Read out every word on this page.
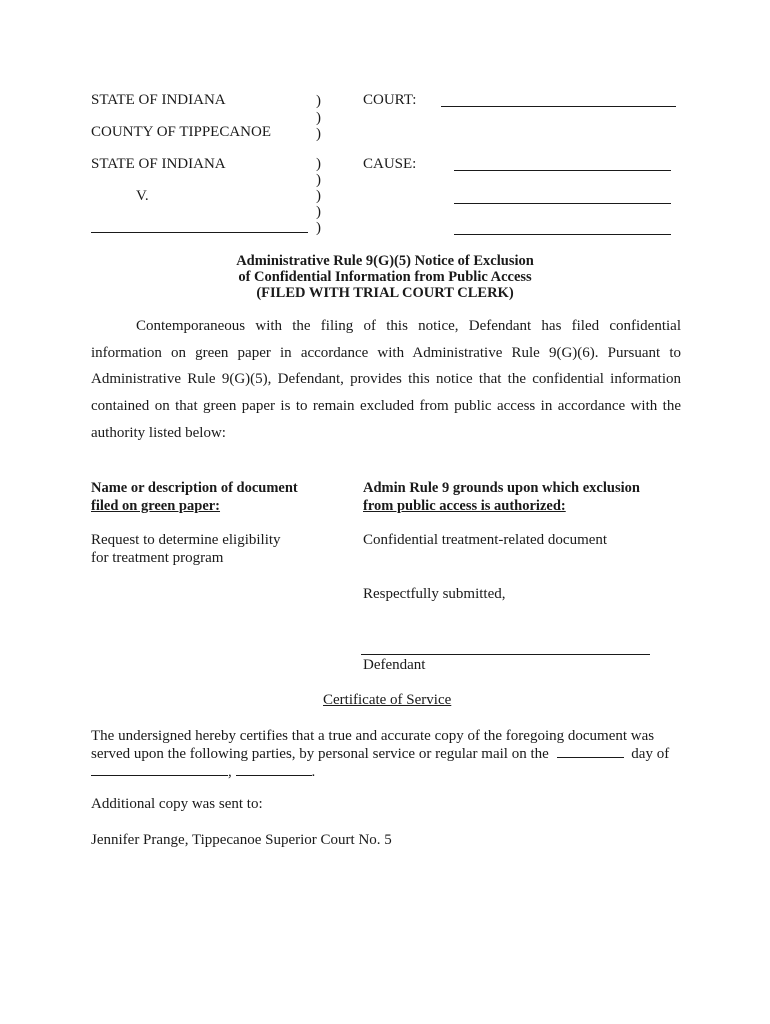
STATE OF INDIANA
COUNTY OF TIPPECANOE
STATE OF INDIANA
V.
)
)
)
)
)
)
)
)
COURT:
CAUSE:
Administrative Rule 9(G)(5) Notice of Exclusion
of Confidential Information from Public Access
(FILED WITH TRIAL COURT CLERK)
Contemporaneous with the filing of this notice, Defendant has filed confidential information on green paper in accordance with Administrative Rule 9(G)(6). Pursuant to Administrative Rule 9(G)(5), Defendant, provides this notice that the confidential information contained on that green paper is to remain excluded from public access in accordance with the authority listed below:
Name or description of document
filed on green paper:
Admin Rule 9 grounds upon which exclusion
from public access is authorized:
Request to determine eligibility
for treatment program
Confidential treatment-related document
Respectfully submitted,
Defendant
Certificate of Service
The undersigned hereby certifies that a true and accurate copy of the foregoing document was
served upon the following parties, by personal service or regular mail on the	day of
,	.
Additional copy was sent to:
Jennifer Prange, Tippecanoe Superior Court No. 5
